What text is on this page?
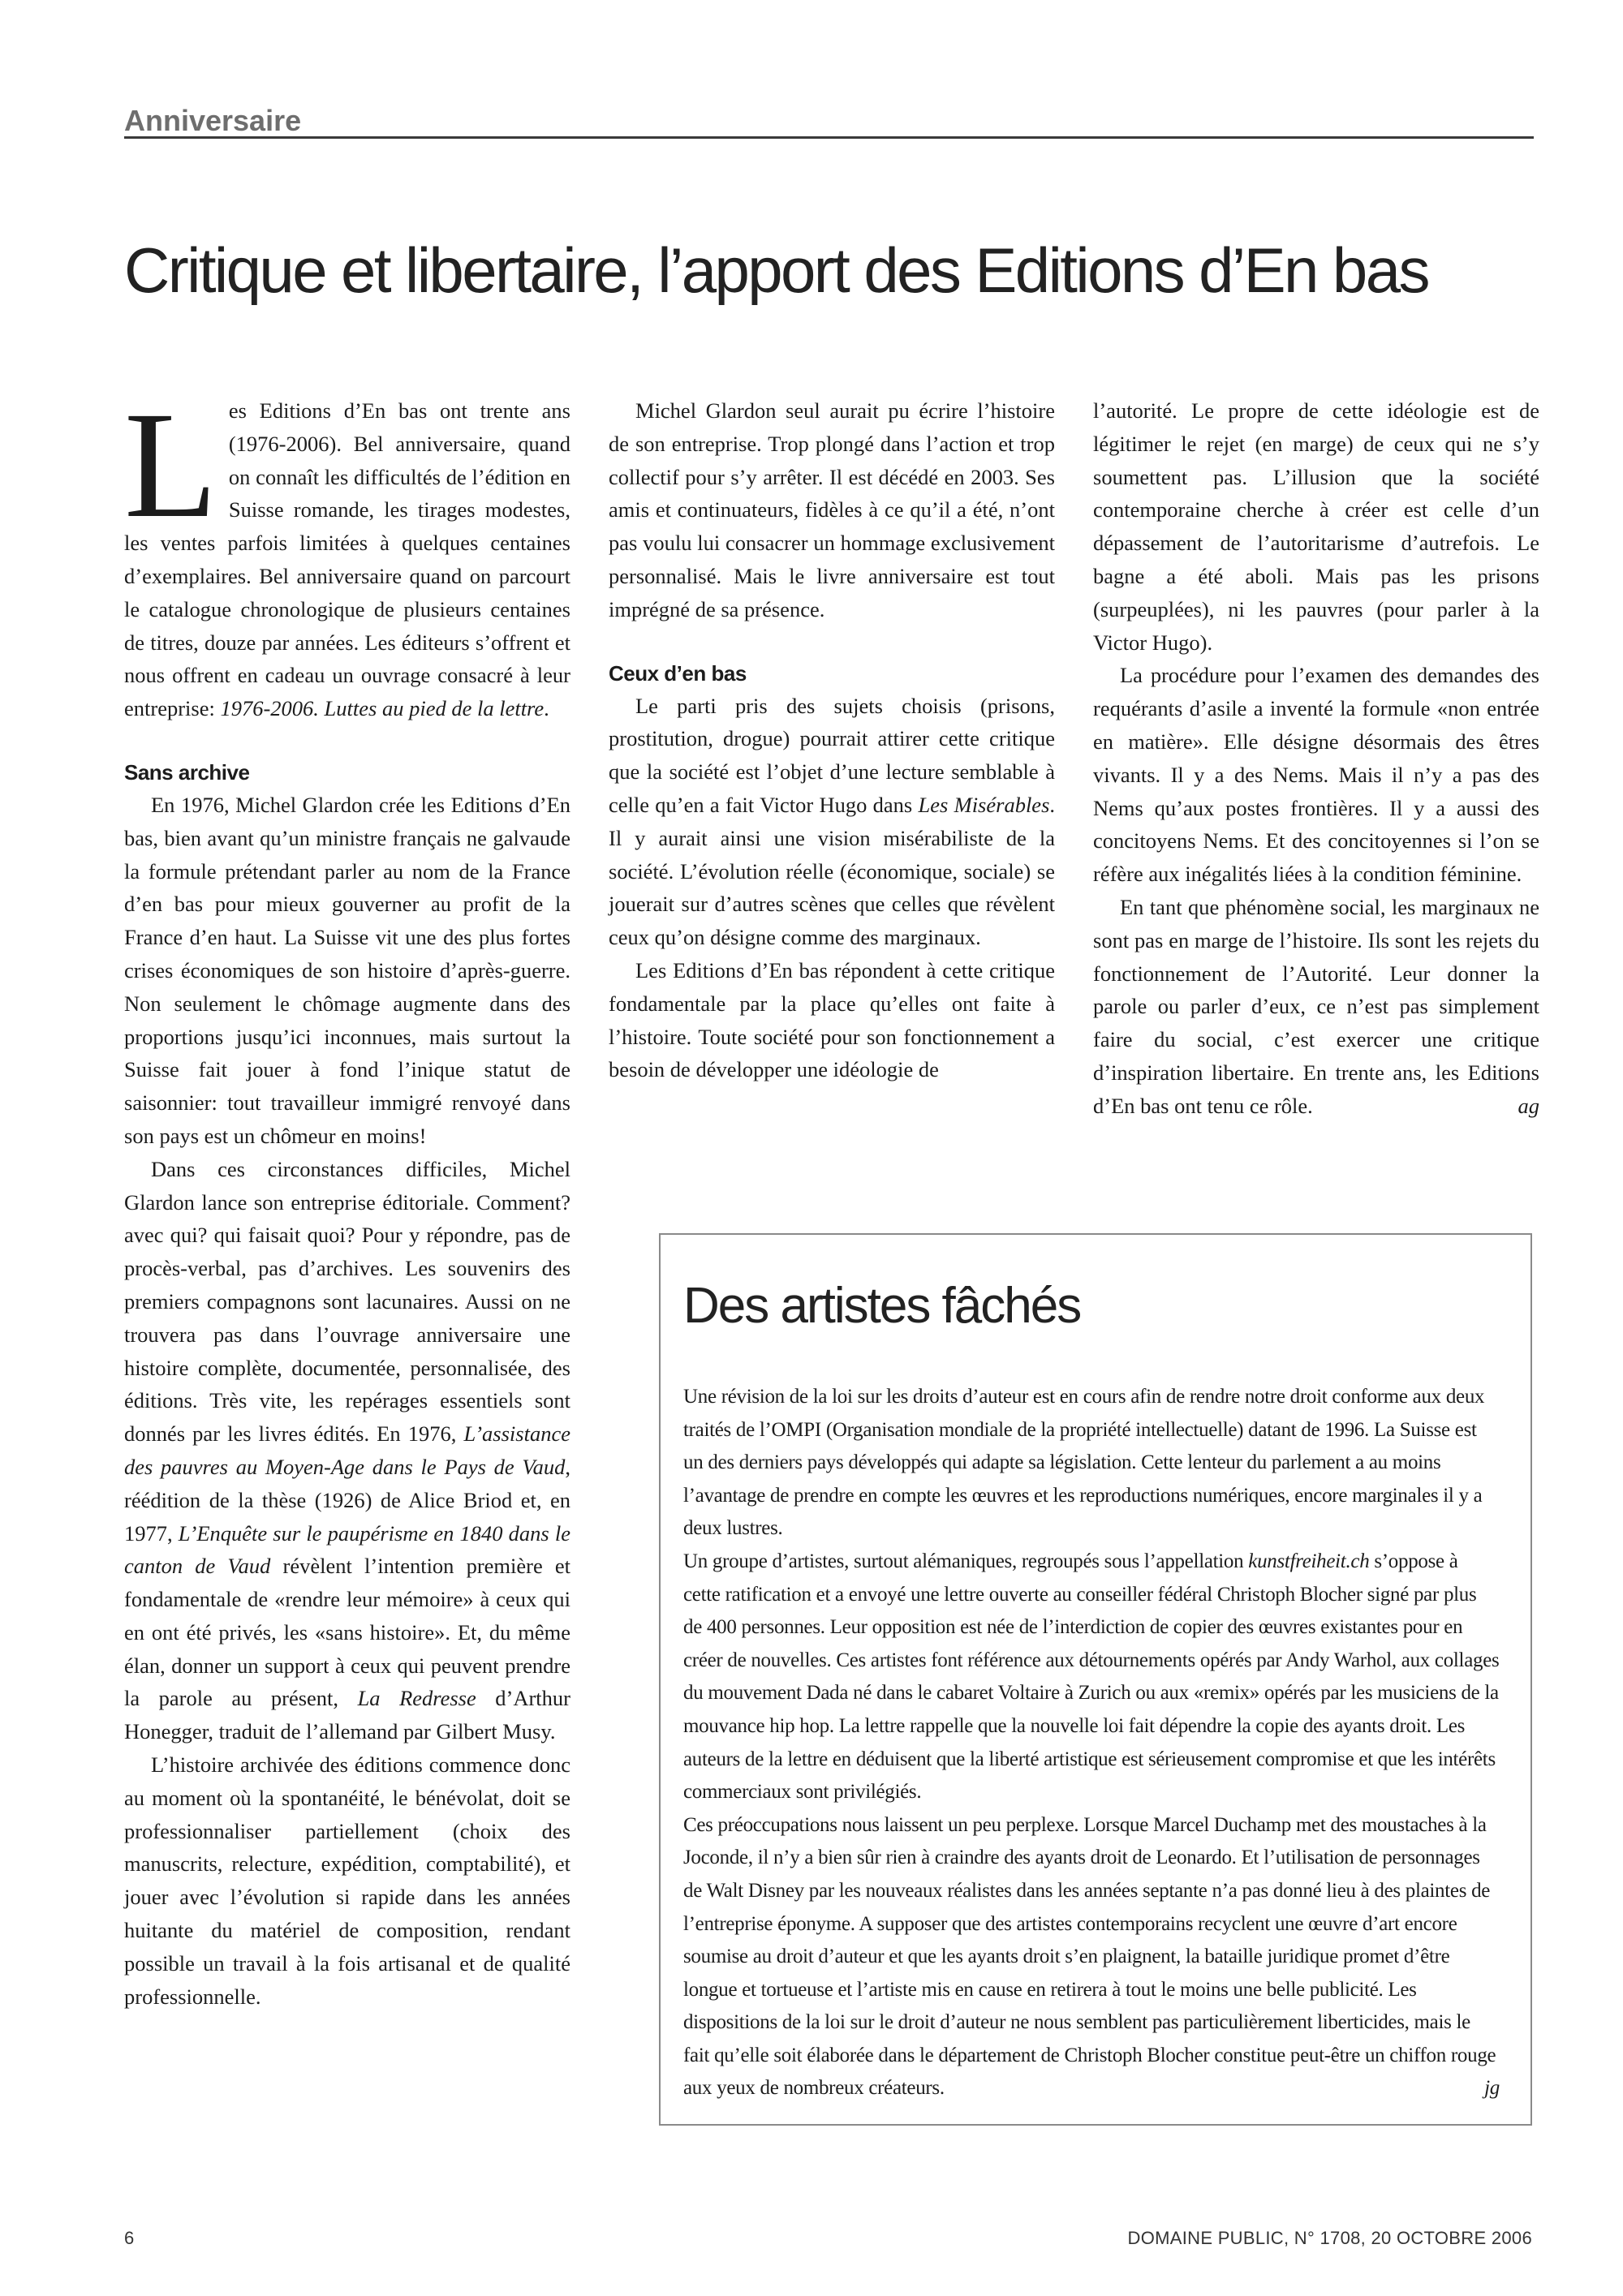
Anniversaire
Critique et libertaire, l’apport des Editions d’En bas

Les Editions d’En bas ont trente ans (1976-2006). Bel anniversaire, quand on connaît les difficultés de l’édition en Suisse romande, les tirages modestes, les ventes parfois limitées à quelques centaines d’exemplaires. Bel anniversaire quand on parcourt le catalogue chronologique de plusieurs centaines de titres, douze par années. Les éditeurs s’offrent et nous offrent en cadeau un ouvrage consacré à leur entreprise: 1976-2006. Luttes au pied de la lettre.

Sans archive

En 1976, Michel Glardon crée les Editions d’En bas, bien avant qu’un ministre français ne galvaude la formule prétendant parler au nom de la France d’en bas pour mieux gouverner au profit de la France d’en haut. La Suisse vit une des plus fortes crises économiques de son histoire d’après-guerre. Non seulement le chômage augmente dans des proportions jusqu’ici inconnues, mais surtout la Suisse fait jouer à fond l’inique statut de saisonnier: tout travailleur immigré renvoyé dans son pays est un chômeur en moins!

Dans ces circonstances difficiles, Michel Glardon lance son entreprise éditoriale. Comment? avec qui? qui faisait quoi? Pour y répondre, pas de procès-verbal, pas d’archives. Les souvenirs des premiers compagnons sont lacunaires. Aussi on ne trouvera pas dans l’ouvrage anniversaire une histoire complète, documentée, personnalisée, des éditions. Très vite, les repérages essentiels sont donnés par les livres édités. En 1976, L’assistance des pauvres au Moyen-Age dans le Pays de Vaud, réédition de la thèse (1926) de Alice Briod et, en 1977, L’Enquête sur le paupérisme en 1840 dans le canton de Vaud révèlent l’intention première et fondamentale de «rendre leur mémoire» à ceux qui en ont été privés, les «sans histoire». Et, du même élan, donner un support à ceux qui peuvent prendre la parole au présent, La Redresse d’Arthur Honegger, traduit de l’allemand par Gilbert Musy.

L’histoire archivée des éditions commence donc au moment où la spontanéité, le bénévolat, doit se professionnaliser partiellement (choix des manuscrits, relecture, expédition, comptabilité), et jouer avec l’évolution si rapide dans les années huitante du matériel de composition, rendant possible un travail à la fois artisanal et de qualité professionnelle.

Michel Glardon seul aurait pu écrire l’histoire de son entreprise. Trop plongé dans l’action et trop collectif pour s’y arrêter. Il est décédé en 2003. Ses amis et continuateurs, fidèles à ce qu’il a été, n’ont pas voulu lui consacrer un hommage exclusivement personnalisé. Mais le livre anniversaire est tout imprégné de sa présence.

Ceux d’en bas

Le parti pris des sujets choisis (prisons, prostitution, drogue) pourrait attirer cette critique que la société est l’objet d’une lecture semblable à celle qu’en a fait Victor Hugo dans Les Misérables. Il y aurait ainsi une vision misérabiliste de la société. L’évolution réelle (économique, sociale) se jouerait sur d’autres scènes que celles que révèlent ceux qu’on désigne comme des marginaux.

Les Editions d’En bas répondent à cette critique fondamentale par la place qu’elles ont faite à l’histoire. Toute société pour son fonctionnement a besoin de développer une idéologie de

l’autorité. Le propre de cette idéologie est de légitimer le rejet (en marge) de ceux qui ne s’y soumettent pas. L’illusion que la société contemporaine cherche à créer est celle d’un dépassement de l’autoritarisme d’autrefois. Le bagne a été aboli. Mais pas les prisons (surpeuplées), ni les pauvres (pour parler à la Victor Hugo).

La procédure pour l’examen des demandes des requérants d’asile a inventé la formule «non entrée en matière». Elle désigne désormais des êtres vivants. Il y a des Nems. Mais il n’y a pas des Nems qu’aux postes frontières. Il y a aussi des concitoyens Nems. Et des concitoyennes si l’on se réfère aux inégalités liées à la condition féminine.

En tant que phénomène social, les marginaux ne sont pas en marge de l’histoire. Ils sont les rejets du fonctionnement de l’Autorité. Leur donner la parole ou parler d’eux, ce n’est pas simplement faire du social, c’est exercer une critique d’inspiration libertaire. En trente ans, les Editions d’En bas ont tenu ce rôle.	ag

Des artistes fâchés

Une révision de la loi sur les droits d’auteur est en cours afin de rendre notre droit conforme aux deux traités de l’OMPI (Organisation mondiale de la propriété intellectuelle) datant de 1996. La Suisse est un des derniers pays développés qui adapte sa législation. Cette lenteur du parlement a au moins l’avantage de prendre en compte les œuvres et les reproductions numériques, encore marginales il y a deux lustres.

Un groupe d’artistes, surtout alémaniques, regroupés sous l’appellation kunstfreiheit.ch s’oppose à cette ratification et a envoyé une lettre ouverte au conseiller fédéral Christoph Blocher signé par plus de 400 personnes. Leur opposition est née de l’interdiction de copier des œuvres existantes pour en créer de nouvelles. Ces artistes font référence aux détournements opérés par Andy Warhol, aux collages du mouvement Dada né dans le cabaret Voltaire à Zurich ou aux «remix» opérés par les musiciens de la mouvance hip hop. La lettre rappelle que la nouvelle loi fait dépendre la copie des ayants droit. Les auteurs de la lettre en déduisent que la liberté artistique est sérieusement compromise et que les intérêts commerciaux sont privilégiés.

Ces préoccupations nous laissent un peu perplexe. Lorsque Marcel Duchamp met des moustaches à la Joconde, il n’y a bien sûr rien à craindre des ayants droit de Leonardo. Et l’utilisation de personnages de Walt Disney par les nouveaux réalistes dans les années septante n’a pas donné lieu à des plaintes de l’entreprise éponyme. A supposer que des artistes contemporains recyclent une œuvre d’art encore soumise au droit d’auteur et que les ayants droit s’en plaignent, la bataille juridique promet d’être longue et tortueuse et l’artiste mis en cause en retirera à tout le moins une belle publicité. Les dispositions de la loi sur le droit d’auteur ne nous semblent pas particulièrement liberticides, mais le fait qu’elle soit élaborée dans le département de Christoph Blocher constitue peut-être un chiffon rouge aux yeux de nombreux créateurs.	jg

6	DOMAINE PUBLIC, N° 1708, 20 OCTOBRE 2006
